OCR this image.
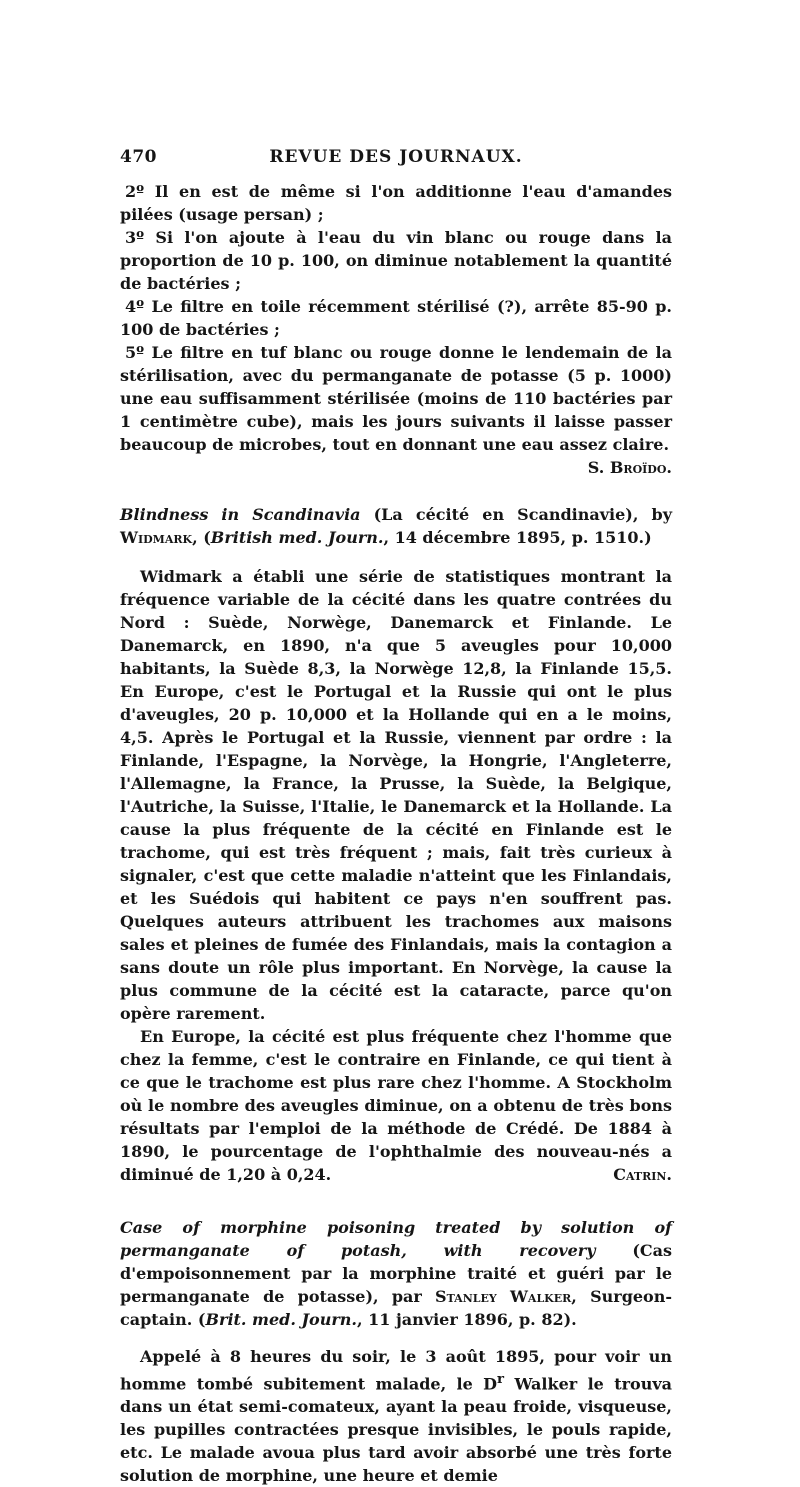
470	REVUE DES JOURNAUX.

2º Il en est de même si l'on additionne l'eau d'amandes pilées (usage persan) ;

3º Si l'on ajoute à l'eau du vin blanc ou rouge dans la proportion de 10 p. 100, on diminue notablement la quantité de bactéries ;

4º Le filtre en toile récemment stérilisé (?), arrête 85-90 p. 100 de bactéries ;

5º Le filtre en tuf blanc ou rouge donne le lendemain de la stérilisation, avec du permanganate de potasse (5 p. 1000) une eau suffisamment stérilisée (moins de 110 bactéries par 1 centimètre cube), mais les jours suivants il laisse passer beaucoup de microbes, tout en donnant une eau assez claire.
S. Broïdo.

Blindness in Scandinavia (La cécité en Scandinavie), by Widmark, (British med. Journ., 14 décembre 1895, p. 1510.)

Widmark a établi une série de statistiques montrant la fréquence variable de la cécité dans les quatre contrées du Nord : Suède, Norwège, Danemarck et Finlande. Le Danemarck, en 1890, n'a que 5 aveugles pour 10,000 habitants, la Suède 8,3, la Norwège 12,8, la Finlande 15,5. En Europe, c'est le Portugal et la Russie qui ont le plus d'aveugles, 20 p. 10,000 et la Hollande qui en a le moins, 4,5. Après le Portugal et la Russie, viennent par ordre : la Finlande, l'Espagne, la Norvège, la Hongrie, l'Angleterre, l'Allemagne, la France, la Prusse, la Suède, la Belgique, l'Autriche, la Suisse, l'Italie, le Danemarck et la Hollande. La cause la plus fréquente de la cécité en Finlande est le trachome, qui est très fréquent ; mais, fait très curieux à signaler, c'est que cette maladie n'atteint que les Finlandais, et les Suédois qui habitent ce pays n'en souffrent pas. Quelques auteurs attribuent les trachomes aux maisons sales et pleines de fumée des Finlandais, mais la contagion a sans doute un rôle plus important. En Norvège, la cause la plus commune de la cécité est la cataracte, parce qu'on opère rarement.

En Europe, la cécité est plus fréquente chez l'homme que chez la femme, c'est le contraire en Finlande, ce qui tient à ce que le trachome est plus rare chez l'homme. A Stockholm où le nombre des aveugles diminue, on a obtenu de très bons résultats par l'emploi de la méthode de Crédé. De 1884 à 1890, le pourcentage de l'ophthalmie des nouveau-nés a diminué de 1,20 à 0,24.	Catrin.

Case of morphine poisoning treated by solution of permanganate of potash, with recovery (Cas d'empoisonnement par la morphine traité et guéri par le permanganate de potasse), par Stanley Walker, Surgeon-captain. (Brit. med. Journ., 11 janvier 1896, p. 82).

Appelé à 8 heures du soir, le 3 août 1895, pour voir un homme tombé subitement malade, le $D^r$ Walker le trouva dans un état semi-comateux, ayant la peau froide, visqueuse, les pupilles contractées presque invisibles, le pouls rapide, etc. Le malade avoua plus tard avoir absorbé une très forte solution de morphine, une heure et demie
